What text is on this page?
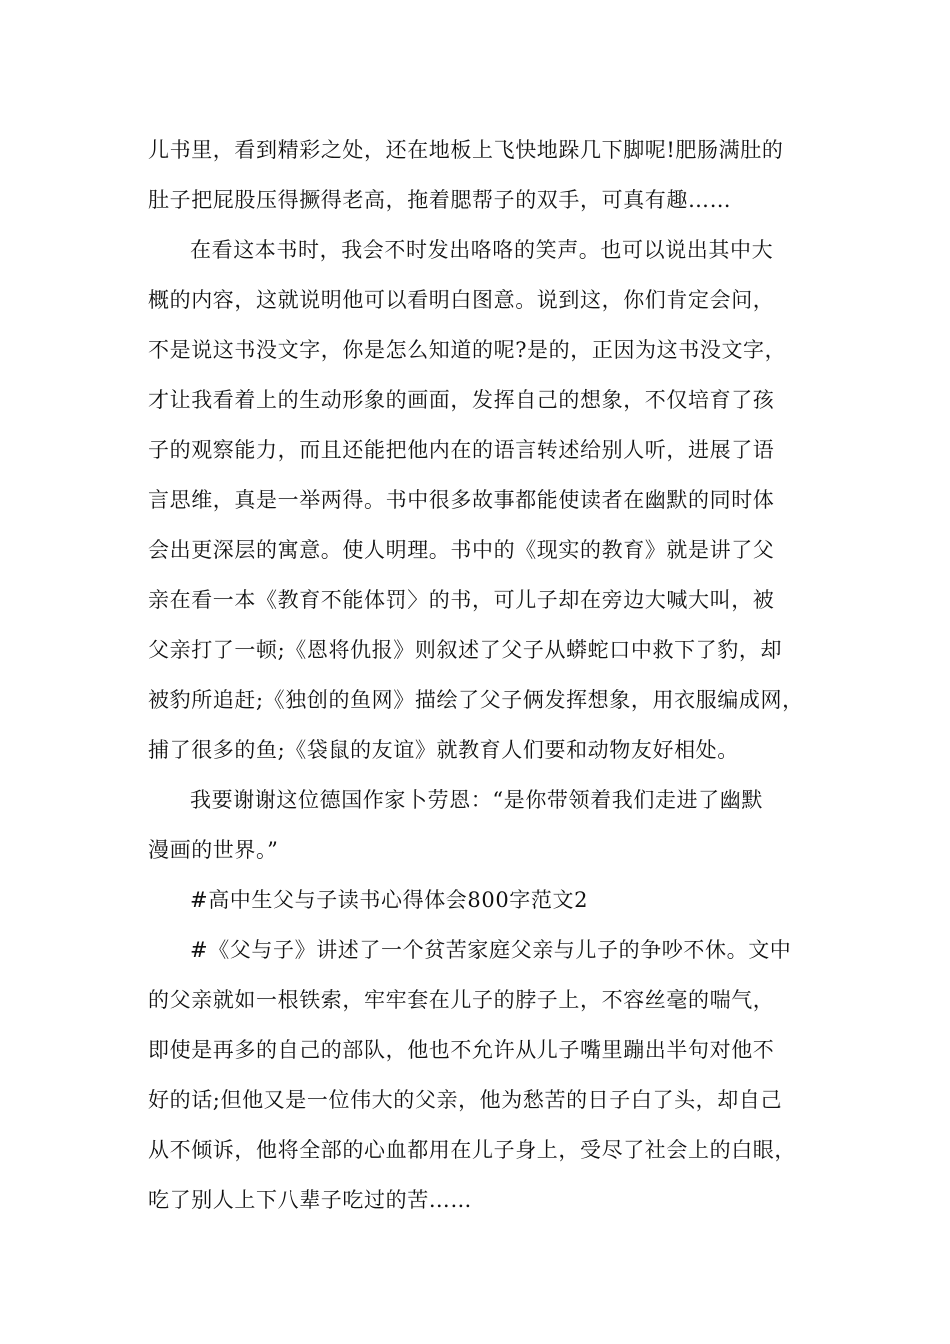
儿书里，看到精彩之处，还在地板上飞快地跺几下脚呢!肥肠满肚的
肚子把屁股压得撅得老高，拖着腮帮子的双手，可真有趣……
在看这本书时，我会不时发出咯咯的笑声。也可以说出其中大
概的内容，这就说明他可以看明白图意。说到这，你们肯定会问，
不是说这书没文字，你是怎么知道的呢?是的，正因为这书没文字，
才让我看着上的生动形象的画面，发挥自己的想象，不仅培育了孩
子的观察能力，而且还能把他内在的语言转述给别人听，进展了语
言思维，真是一举两得。书中很多故事都能使读者在幽默的同时体
会出更深层的寓意。使人明理。书中的《现实的教育》就是讲了父
亲在看一本《教育不能体罚〉的书，可儿子却在旁边大喊大叫，被
父亲打了一顿;《恩将仇报》则叙述了父子从蟒蛇口中救下了豹，却
被豹所追赶;《独创的鱼网》描绘了父子俩发挥想象，用衣服编成网，
捕了很多的鱼;《袋鼠的友谊》就教育人们要和动物友好相处。
我要谢谢这位德国作家卜劳恩：“是你带领着我们走进了幽默
漫画的世界。”
#高中生父与子读书心得体会800字范文2
#《父与子》讲述了一个贫苦家庭父亲与儿子的争吵不休。文中
的父亲就如一根铁索，牢牢套在儿子的脖子上，不容丝毫的喘气，
即使是再多的自己的部队，他也不允许从儿子嘴里蹦出半句对他不
好的话;但他又是一位伟大的父亲，他为愁苦的日子白了头，却自己
从不倾诉，他将全部的心血都用在儿子身上，受尽了社会上的白眼，
吃了别人上下八辈子吃过的苦……
